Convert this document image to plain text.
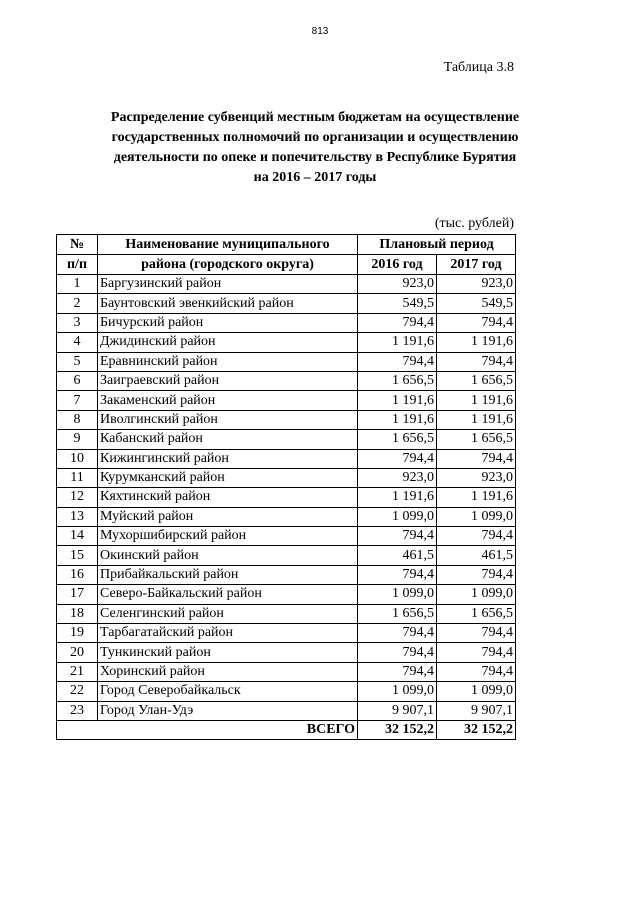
813
Таблица 3.8
Распределение субвенций местным бюджетам на осуществление
государственных полномочий по организации и осуществлению
деятельности по опеке и попечительству в Республике Бурятия
на 2016 – 2017 годы
(тыс. рублей)
№	Наименование муниципального	Плановый период	
п/п	района (городского округа)	2016 год	2017 год
1	Баргузинский район	923,0	923,0
2	Баунтовский эвенкийский район	549,5	549,5
3	Бичурский район	794,4	794,4
4	Джидинский район	1 191,6	1 191,6
5	Еравнинский район	794,4	794,4
6	Заиграевский район	1 656,5	1 656,5
7	Закаменский район	1 191,6	1 191,6
8	Иволгинский район	1 191,6	1 191,6
9	Кабанский район	1 656,5	1 656,5
10	Кижингинский район	794,4	794,4
11	Курумканский район	923,0	923,0
12	Кяхтинский район	1 191,6	1 191,6
13	Муйский район	1 099,0	1 099,0
14	Мухоршибирский район	794,4	794,4
15	Окинский район	461,5	461,5
16	Прибайкальский район	794,4	794,4
17	Северо-Байкальский район	1 099,0	1 099,0
18	Селенгинский район	1 656,5	1 656,5
19	Тарбагатайский район	794,4	794,4
20	Тункинский район	794,4	794,4
21	Хоринский район	794,4	794,4
22	Город Северобайкальск	1 099,0	1 099,0
23	Город Улан-Удэ	9 907,1	9 907,1
	ВСЕГО	32 152,2	32 152,2
